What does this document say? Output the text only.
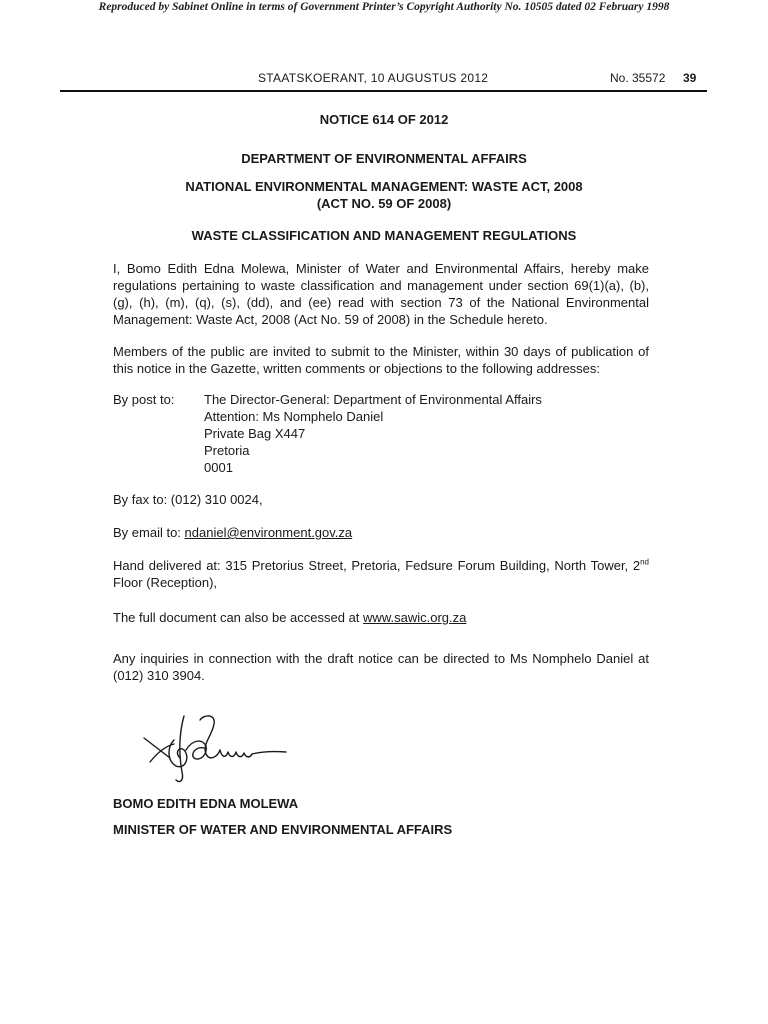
Reproduced by Sabinet Online in terms of Government Printer’s Copyright Authority No. 10505 dated 02 February 1998
STAATSKOERANT, 10 AUGUSTUS 2012	No. 35572 39
NOTICE 614 OF 2012
DEPARTMENT OF ENVIRONMENTAL AFFAIRS
NATIONAL ENVIRONMENTAL MANAGEMENT: WASTE ACT, 2008
(ACT NO. 59 OF 2008)
WASTE CLASSIFICATION AND MANAGEMENT REGULATIONS
I, Bomo Edith Edna Molewa, Minister of Water and Environmental Affairs, hereby make regulations pertaining to waste classification and management under section 69(1)(a), (b), (g), (h), (m), (q), (s), (dd), and (ee) read with section 73 of the National Environmental Management: Waste Act, 2008 (Act No. 59 of 2008) in the Schedule hereto.
Members of the public are invited to submit to the Minister, within 30 days of publication of this notice in the Gazette, written comments or objections to the following addresses:
By post to: The Director-General: Department of Environmental Affairs
Attention: Ms Nomphelo Daniel
Private Bag X447
Pretoria
0001
By fax to: (012) 310 0024,
By email to: ndaniel@environment.gov.za
Hand delivered at: 315 Pretorius Street, Pretoria, Fedsure Forum Building, North Tower, 2nd Floor (Reception),
The full document can also be accessed at www.sawic.org.za
Any inquiries in connection with the draft notice can be directed to Ms Nomphelo Daniel at (012) 310 3904.
BOMO EDITH EDNA MOLEWA
MINISTER OF WATER AND ENVIRONMENTAL AFFAIRS
